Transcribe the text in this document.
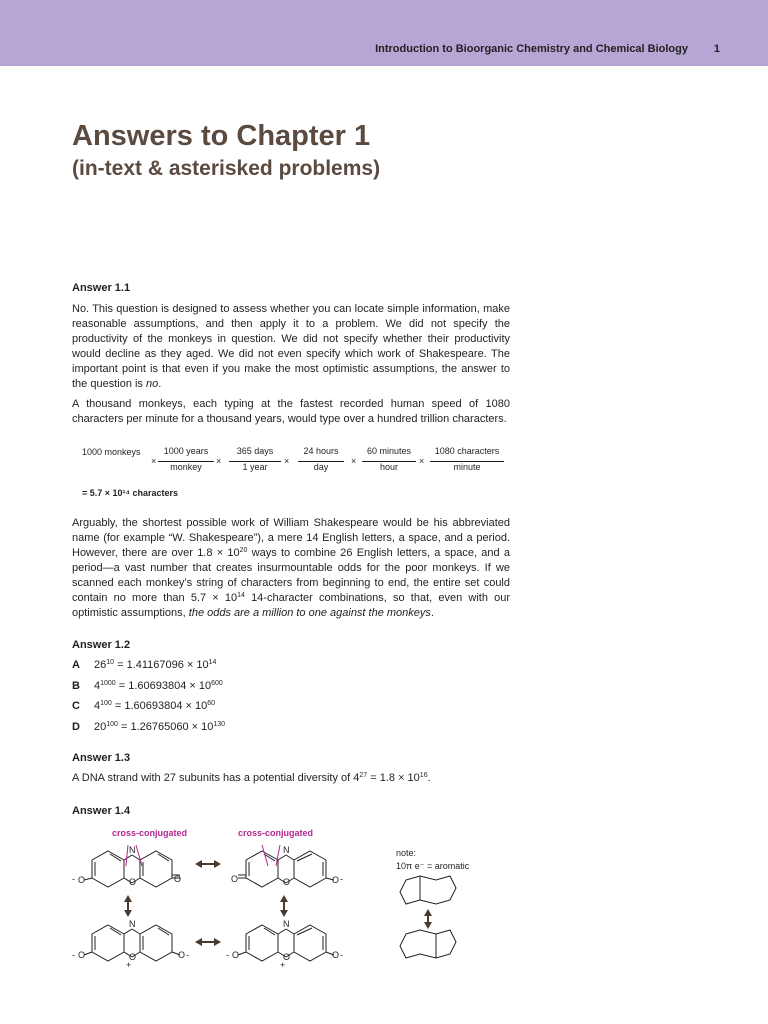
Introduction to Bioorganic Chemistry and Chemical Biology 1
Answers to Chapter 1
(in-text & asterisked problems)
Answer 1.1
No. This question is designed to assess whether you can locate simple information, make reasonable assumptions, and then apply it to a problem. We did not specify the productivity of the monkeys in question. We did not specify whether their productivity would decline as they aged. We did not even specify which work of Shakespeare. The important point is that even if you make the most optimistic assumptions, the answer to the question is no.
A thousand monkeys, each typing at the fastest recorded human speed of 1080 characters per minute for a thousand years, would type over a hundred trillion characters.
1000 monkeys
×
1000 years
monkey
×
365 days
1 year
×
24 hours
day
×
60 minutes
hour
×
1080 characters
minute
= 5.7 × 10¹⁴ characters
Arguably, the shortest possible work of William Shakespeare would be his abbreviated name (for example “W. Shakespeare”), a mere 14 English letters, a space, and a period. However, there are over $1.8 \times 10^{20}$ ways to combine 26 English letters, a space, and a period—a vast number that creates insurmountable odds for the poor monkeys. If we scanned each monkey’s string of characters from beginning to end, the entire set could contain no more than $5.7 \times 10^{14}$ 14-character combinations, so that, even with our optimistic assumptions, the odds are a million to one against the monkeys.
Answer 1.2
A $26^{10} = 1.41167096 \times 10^{14}$
B $4^{1000} = 1.60693804 \times 10^{600}$
C $4^{100} = 1.60693804 \times 10^{60}$
D $20^{100} = 1.26765060 \times 10^{130}$
Answer 1.3
A DNA strand with 27 subunits has a potential diversity of $4^{27} = 1.8 \times 10^{16}$.
Answer 1.4
cross-conjugated	cross-conjugated
note:
10π e⁻ = aromatic
N
O
- O	O
N
O
O	O -
N
O
+
- O	O -
N
O
+
- O	O -
